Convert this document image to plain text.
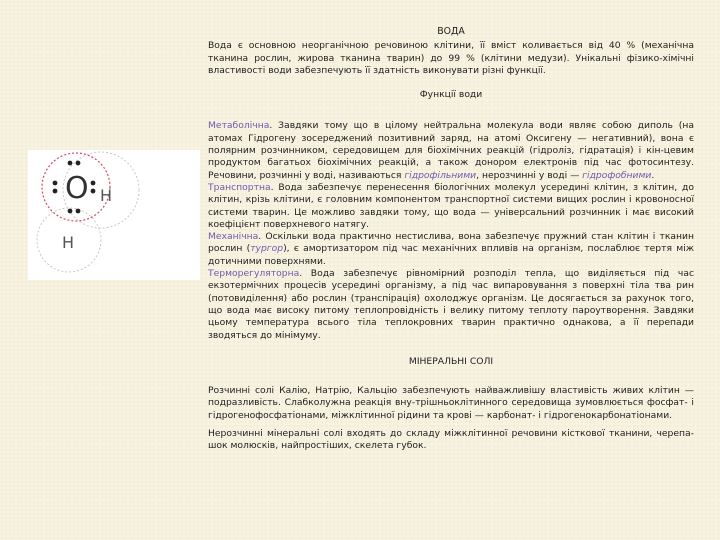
ВОДА

Вода є основною неорганічною речовиною клітини, її вміст коливається від 40 % (механічна тканина рослин, жирова тканина тварин) до 99 % (клітини медузи). Унікальні фізико-хімічні властивості води забезпечують її здатність виконувати різні функції.

Функції води

Метаболічна. Завдяки тому що в цілому нейтральна молекула води являє собою диполь (на атомах Гідрогену зосереджений позитивний заряд, на атомі Оксигену — негативний), вона є полярним розчинником, середовищем для біохімічних реакцій (гідроліз, гідратація) і кін-цевим продуктом багатьох біохімічних реакцій, а також донором електронів під час фотосинтезу. Речовини, розчинні у воді, називаються гідрофільними, нерозчинні у воді — гідрофобними.

Транспортна. Вода забезпечує перенесення біологічних молекул усередині клітин, з клітин, до клітин, крізь клітини, є головним компонентом транспортної системи вищих рослин і кровоносної системи тварин. Це можливо завдяки тому, що вода — універсальний розчинник і має високий коефіцієнт поверхневого натягу.

Механічна. Оскільки вода практично нестислива, вона забезпечує пружний стан клітин і тканин рослин (тургор), є амортизатором під час механічних впливів на організм, послаблює тертя між дотичними поверхнями.

Терморегуляторна. Вода забезпечує рівномірний розподіл тепла, що виділяється під час екзотермічних процесів усередині організму, а під час випаровування з поверхні тіла тва рин (потовиділення) або рослин (транспірація) охолоджує організм. Це досягається за рахунок того, що вода має високу питому теплопровідність і велику питому теплоту пароутворення. Завдяки цьому температура всього тіла теплокровних тварин практично однакова, а її перепади зводяться до мінімуму.

МІНЕРАЛЬНІ СОЛІ

Розчинні солі Калію, Натрію, Кальцію забезпечують найважливішу властивість живих клітин — подразливість. Слабколужна реакція вну-трішньоклітинного середовища зумовлюється фосфат- і гідрогенофосфатіонами, міжклітинної рідини та крові — карбонат- і гідрогенокарбонатіонами.

Нерозчинні мінеральні солі входять до складу міжклітинної речовини кісткової тканини, черепа-шок молюсків, найпростіших, скелета губок.

O H
H
